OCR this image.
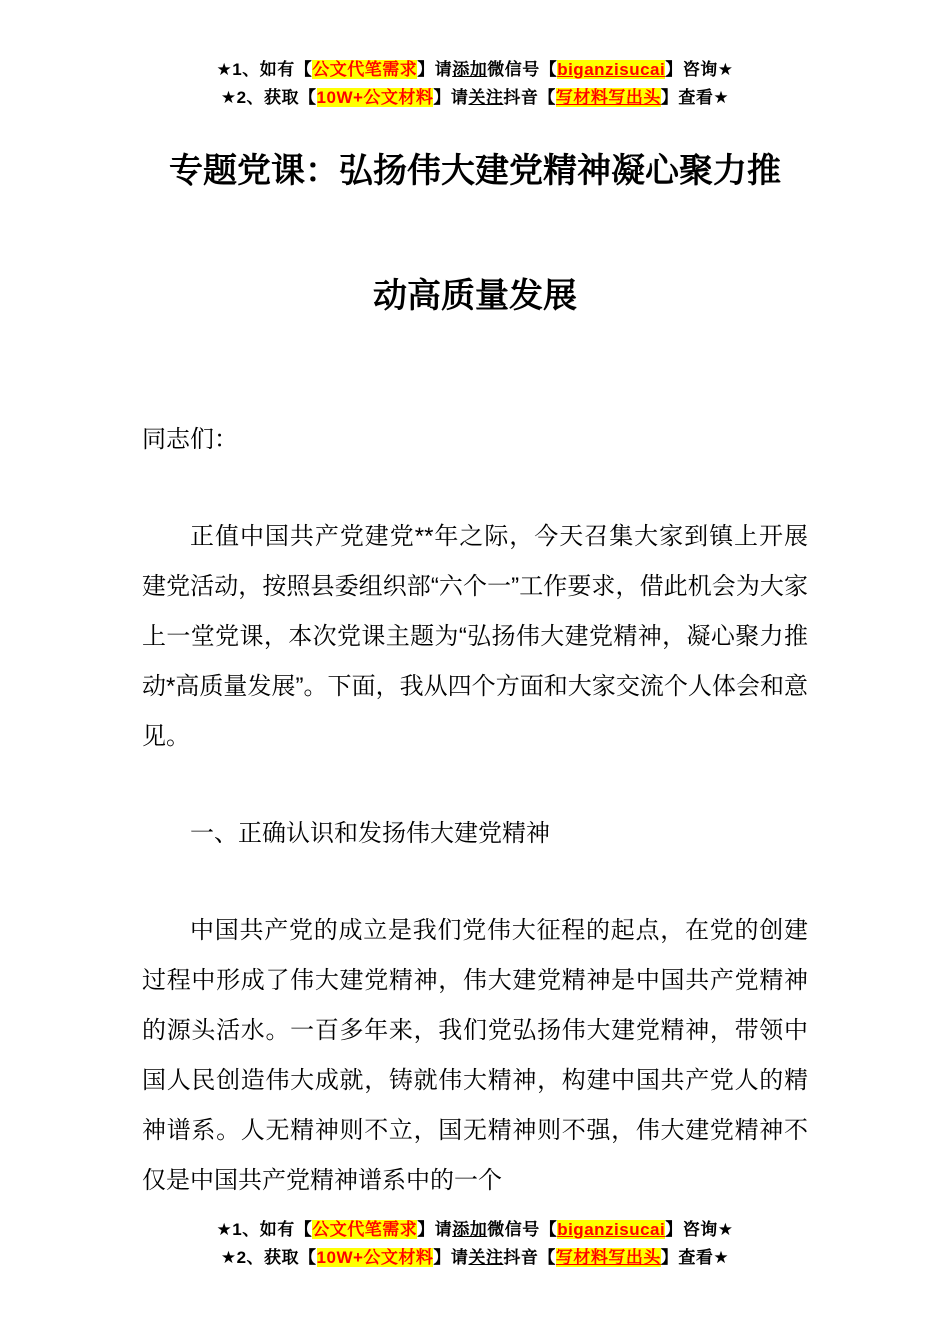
★1、如有【公文代笔需求】请添加微信号【biganzisucai】咨询★
★2、获取【10W+公文材料】请关注抖音【写材料写出头】查看★
专题党课：弘扬伟大建党精神凝心聚力推
动高质量发展

同志们：

正值中国共产党建党**年之际，今天召集大家到镇上开展建党活动，按照县委组织部“六个一”工作要求，借此机会为大家上一堂党课，本次党课主题为“弘扬伟大建党精神，凝心聚力推动*高质量发展”。下面，我从四个方面和大家交流个人体会和意见。

一、正确认识和发扬伟大建党精神

中国共产党的成立是我们党伟大征程的起点，在党的创建过程中形成了伟大建党精神，伟大建党精神是中国共产党精神的源头活水。一百多年来，我们党弘扬伟大建党精神，带领中国人民创造伟大成就，铸就伟大精神，构建中国共产党人的精神谱系。人无精神则不立，国无精神则不强，伟大建党精神不仅是中国共产党精神谱系中的一个

★1、如有【公文代笔需求】请添加微信号【biganzisucai】咨询★
★2、获取【10W+公文材料】请关注抖音【写材料写出头】查看★
